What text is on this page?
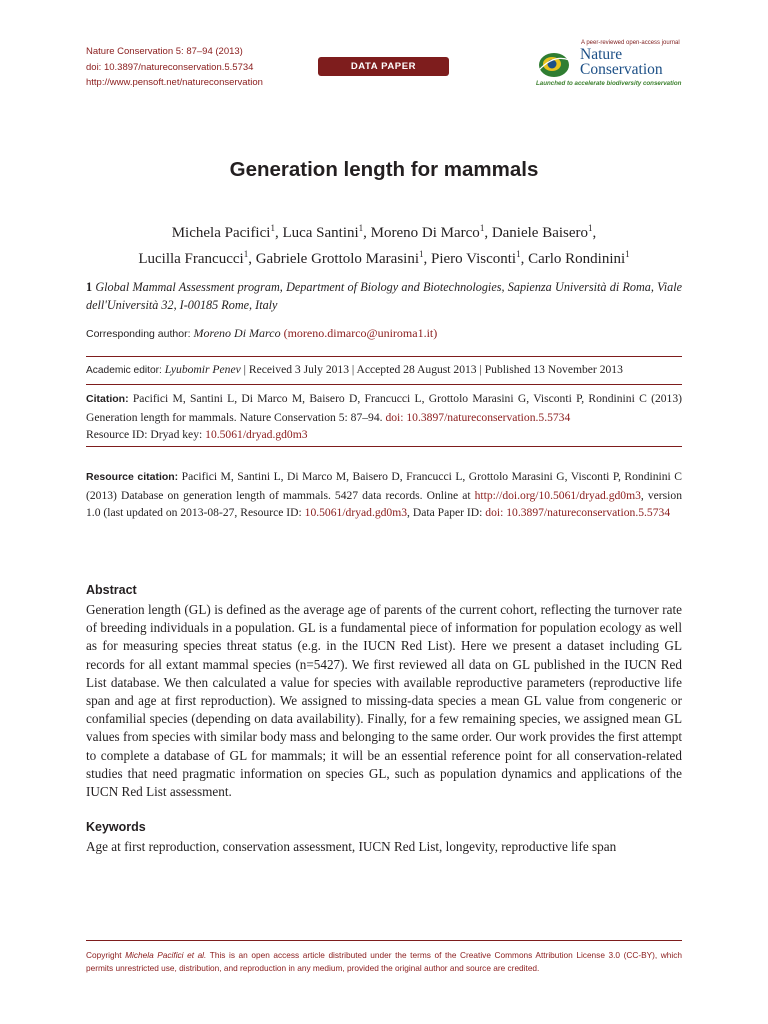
Nature Conservation 5: 87–94 (2013)
doi: 10.3897/natureconservation.5.5734
http://www.pensoft.net/natureconservation
DATA PAPER
A peer-reviewed open-access journal
Nature
Conservation
Launched to accelerate biodiversity conservation
Generation length for mammals
Michela Pacifici$^1$, Luca Santini$^1$, Moreno Di Marco$^1$, Daniele Baisero$^1$,
Lucilla Francucci$^1$, Gabriele Grottolo Marasini$^1$, Piero Visconti$^1$, Carlo Rondinini$^1$
1 Global Mammal Assessment program, Department of Biology and Biotechnologies, Sapienza Università di Roma, Viale dell'Università 32, I-00185 Rome, Italy
Corresponding author: Moreno Di Marco (moreno.dimarco@uniroma1.it)
Academic editor: Lyubomir Penev | Received 3 July 2013 | Accepted 28 August 2013 | Published 13 November 2013
Citation: Pacifici M, Santini L, Di Marco M, Baisero D, Francucci L, Grottolo Marasini G, Visconti P, Rondinini C (2013) Generation length for mammals. Nature Conservation 5: 87–94. doi: 10.3897/natureconservation.5.5734
Resource ID: Dryad key: 10.5061/dryad.gd0m3
Resource citation: Pacifici M, Santini L, Di Marco M, Baisero D, Francucci L, Grottolo Marasini G, Visconti P, Rondinini C (2013) Database on generation length of mammals. 5427 data records. Online at http://doi.org/10.5061/dryad.gd0m3, version 1.0 (last updated on 2013-08-27, Resource ID: 10.5061/dryad.gd0m3, Data Paper ID: doi: 10.3897/natureconservation.5.5734
Abstract
Generation length (GL) is defined as the average age of parents of the current cohort, reflecting the turnover rate of breeding individuals in a population. GL is a fundamental piece of information for population ecology as well as for measuring species threat status (e.g. in the IUCN Red List). Here we present a dataset including GL records for all extant mammal species (n=5427). We first reviewed all data on GL published in the IUCN Red List database. We then calculated a value for species with available reproductive parameters (reproductive life span and age at first reproduction). We assigned to missing-data species a mean GL value from congeneric or confamilial species (depending on data availability). Finally, for a few remaining species, we assigned mean GL values from species with similar body mass and belonging to the same order. Our work provides the first attempt to complete a database of GL for mammals; it will be an essential reference point for all conservation-related studies that need pragmatic information on species GL, such as population dynamics and applications of the IUCN Red List assessment.
Keywords
Age at first reproduction, conservation assessment, IUCN Red List, longevity, reproductive life span
Copyright Michela Pacifici et al. This is an open access article distributed under the terms of the Creative Commons Attribution License 3.0 (CC-BY), which permits unrestricted use, distribution, and reproduction in any medium, provided the original author and source are credited.
